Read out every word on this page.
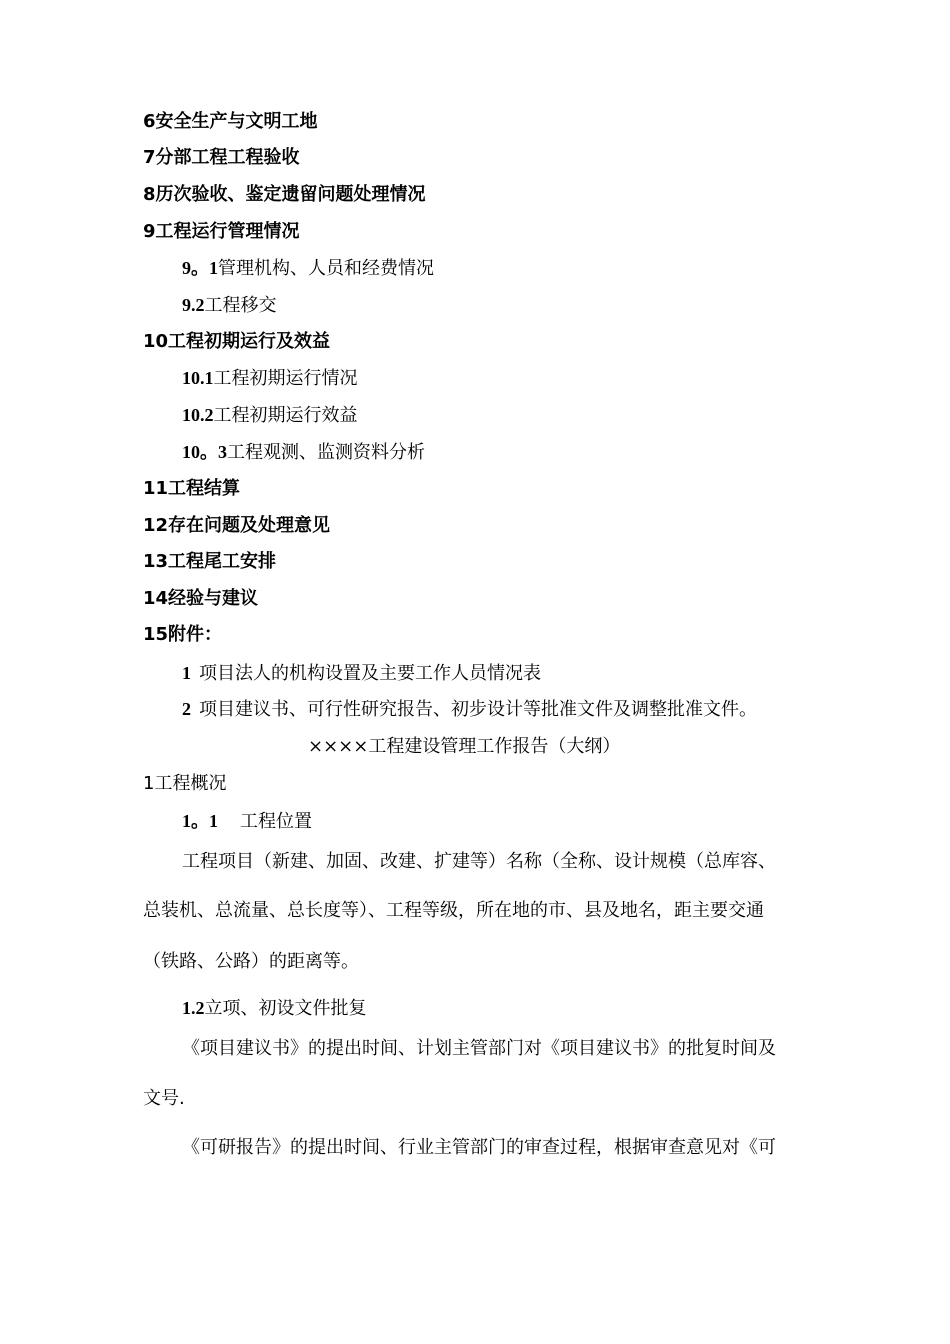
6安全生产与文明工地
7分部工程工程验收
8历次验收、鉴定遗留问题处理情况
9工程运行管理情况
9。1管理机构、人员和经费情况
9.2工程移交
10工程初期运行及效益
10.1工程初期运行情况
10.2工程初期运行效益
10。3工程观测、监测资料分析
11工程结算
12存在问题及处理意见
13工程尾工安排
14经验与建议
15附件：
1 项目法人的机构设置及主要工作人员情况表
2 项目建议书、可行性研究报告、初步设计等批准文件及调整批准文件。
××××工程建设管理工作报告（大纲）
1工程概况
1。1 工程位置
工程项目（新建、加固、改建、扩建等）名称（全称、设计规模（总库容、
总装机、总流量、总长度等）、工程等级，所在地的市、县及地名，距主要交通
（铁路、公路）的距离等。
1.2立项、初设文件批复
《项目建议书》的提出时间、计划主管部门对《项目建议书》的批复时间及
文号.
《可研报告》的提出时间、行业主管部门的审查过程，根据审查意见对《可
